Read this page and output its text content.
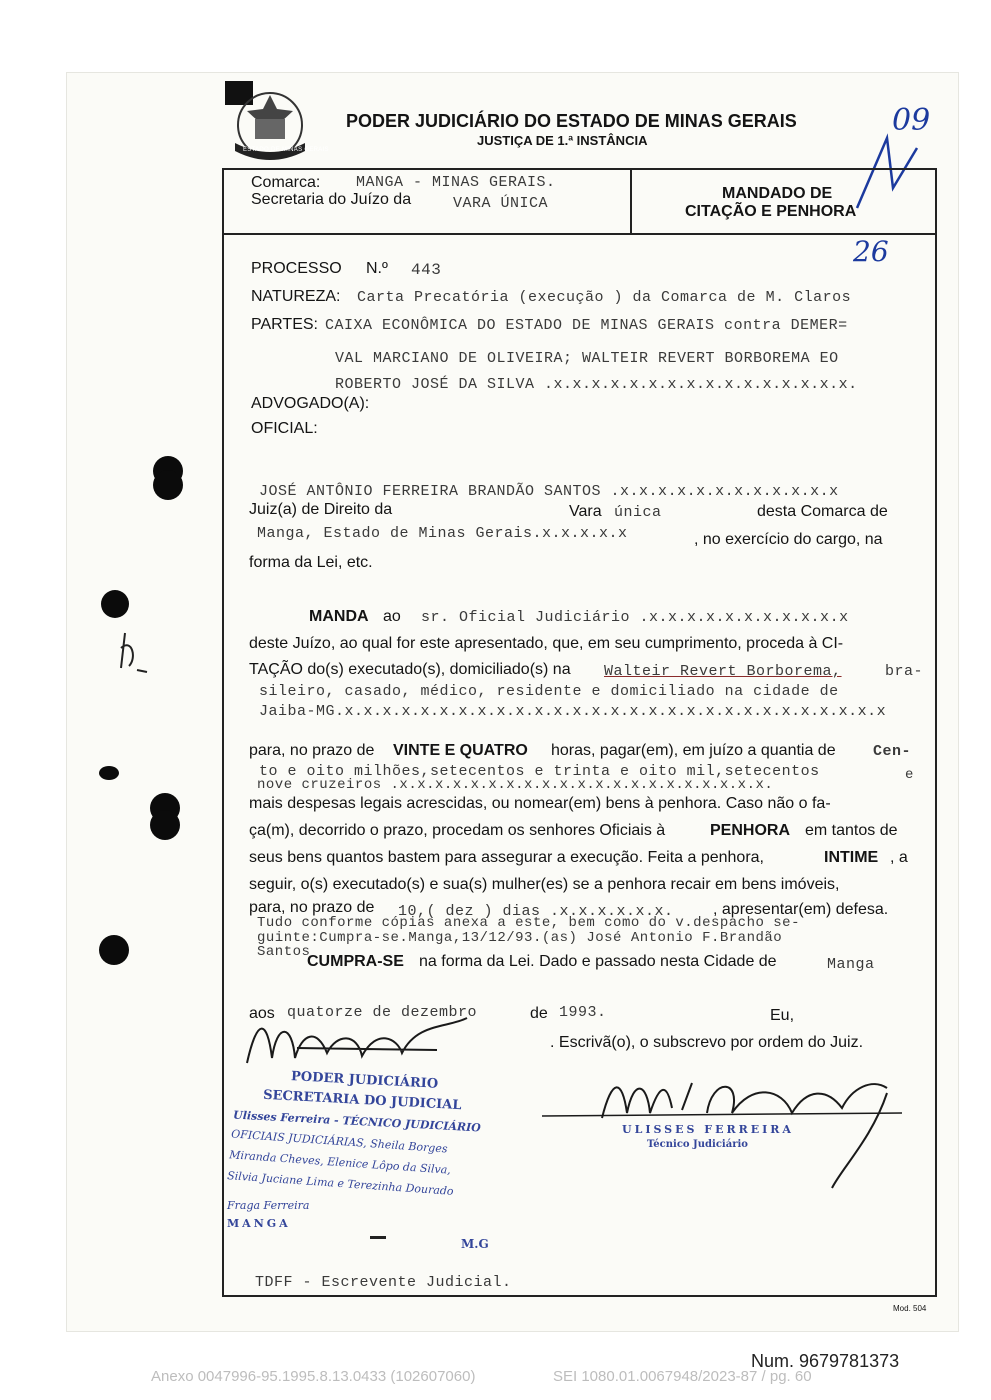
ESTADO DE MINAS GERAIS
PODER JUDICIÁRIO DO ESTADO DE MINAS GERAIS
JUSTIÇA DE 1.ª INSTÂNCIA
09
Comarca: MANGA - MINAS GERAIS.
Secretaria do Juízo da	VARA ÚNICA
MANDADO DE
CITAÇÃO E PENHORA
26
PROCESSO N.º 443
NATUREZA: Carta Precatória (execução ) da Comarca de M. Claros
PARTES: CAIXA ECONÔMICA DO ESTADO DE MINAS GERAIS contra DEMER=
VAL MARCIANO DE OLIVEIRA; WALTEIR REVERT BORBOREMA EO
ROBERTO JOSÉ DA SILVA .x.x.x.x.x.x.x.x.x.x.x.x.x.x.x.x.
ADVOGADO(A):
OFICIAL:
JOSÉ ANTÔNIO FERREIRA BRANDÃO SANTOS .x.x.x.x.x.x.x.x.x.x.x.x
Juiz(a) de Direito da	Vara única	desta Comarca de
Manga, Estado de Minas Gerais.x.x.x.x.x	, no exercício do cargo, na
forma da Lei, etc.
MANDA ao sr. Oficial Judiciário .x.x.x.x.x.x.x.x.x.x.x
deste Juízo, ao qual for este apresentado, que, em seu cumprimento, proceda à CI-
TAÇÃO do(s) executado(s), domiciliado(s) na Walteir Revert Borborema,	bra-
sileiro, casado, médico, residente e domiciliado na cidade de
Jaiba-MG.x.x.x.x.x.x.x.x.x.x.x.x.x.x.x.x.x.x.x.x.x.x.x.x.x.x.x.x.x
para, no prazo de VINTE E QUATRO horas, pagar(em), em juízo a quantia de Cen-
to e oito milhões,setecentos e trinta e oito mil,setecentos	e
nove cruzeiros .x.x.x.x.x.x.x.x.x.x.x.x.x.x.x.x.x.x.x.x.x.
mais despesas legais acrescidas, ou nomear(em) bens à penhora. Caso não o fa-
ça(m), decorrido o prazo, procedam os senhores Oficiais à	PENHORA em tantos de
seus bens quantos bastem para assegurar a execução. Feita a penhora,	INTIME , a
seguir, o(s) executado(s) e sua(s) mulher(es) se a penhora recair em bens imóveis,
para, no prazo de 10,( dez ) dias .x.x.x.x.x.x. , apresentar(em) defesa.
Tudo conforme cópias anexa a este, bem como do v.despacho se-
guinte:Cumpra-se.Manga,13/12/93.(as) José Antonio F.Brandão
Santos
CUMPRA-SE na forma da Lei. Dado e passado nesta Cidade de	Manga
aos quatorze de dezembro	de 1993.	Eu,
. Escrivã(o), o subscrevo por ordem do Juiz.
PODER JUDICIÁRIO
SECRETARIA DO JUDICIAL
Ulisses Ferreira - TÉCNICO JUDICIÁRIO
OFICIAIS JUDICIÁRIAS, Sheila Borges
Miranda Cheves, Elenice Lôpo da Silva,
Silvia Juciane Lima e Terezinha Dourado
Fraga Ferreira
MANGA
M.G
ULISSES FERREIRA
Técnico Judiciário
TDFF - Escrevente Judicial.
Mod. 504
Num. 9679781373
Anexo 0047996-95.1995.8.13.0433 (102607060)	SEI 1080.01.0067948/2023-87 / pg. 60
